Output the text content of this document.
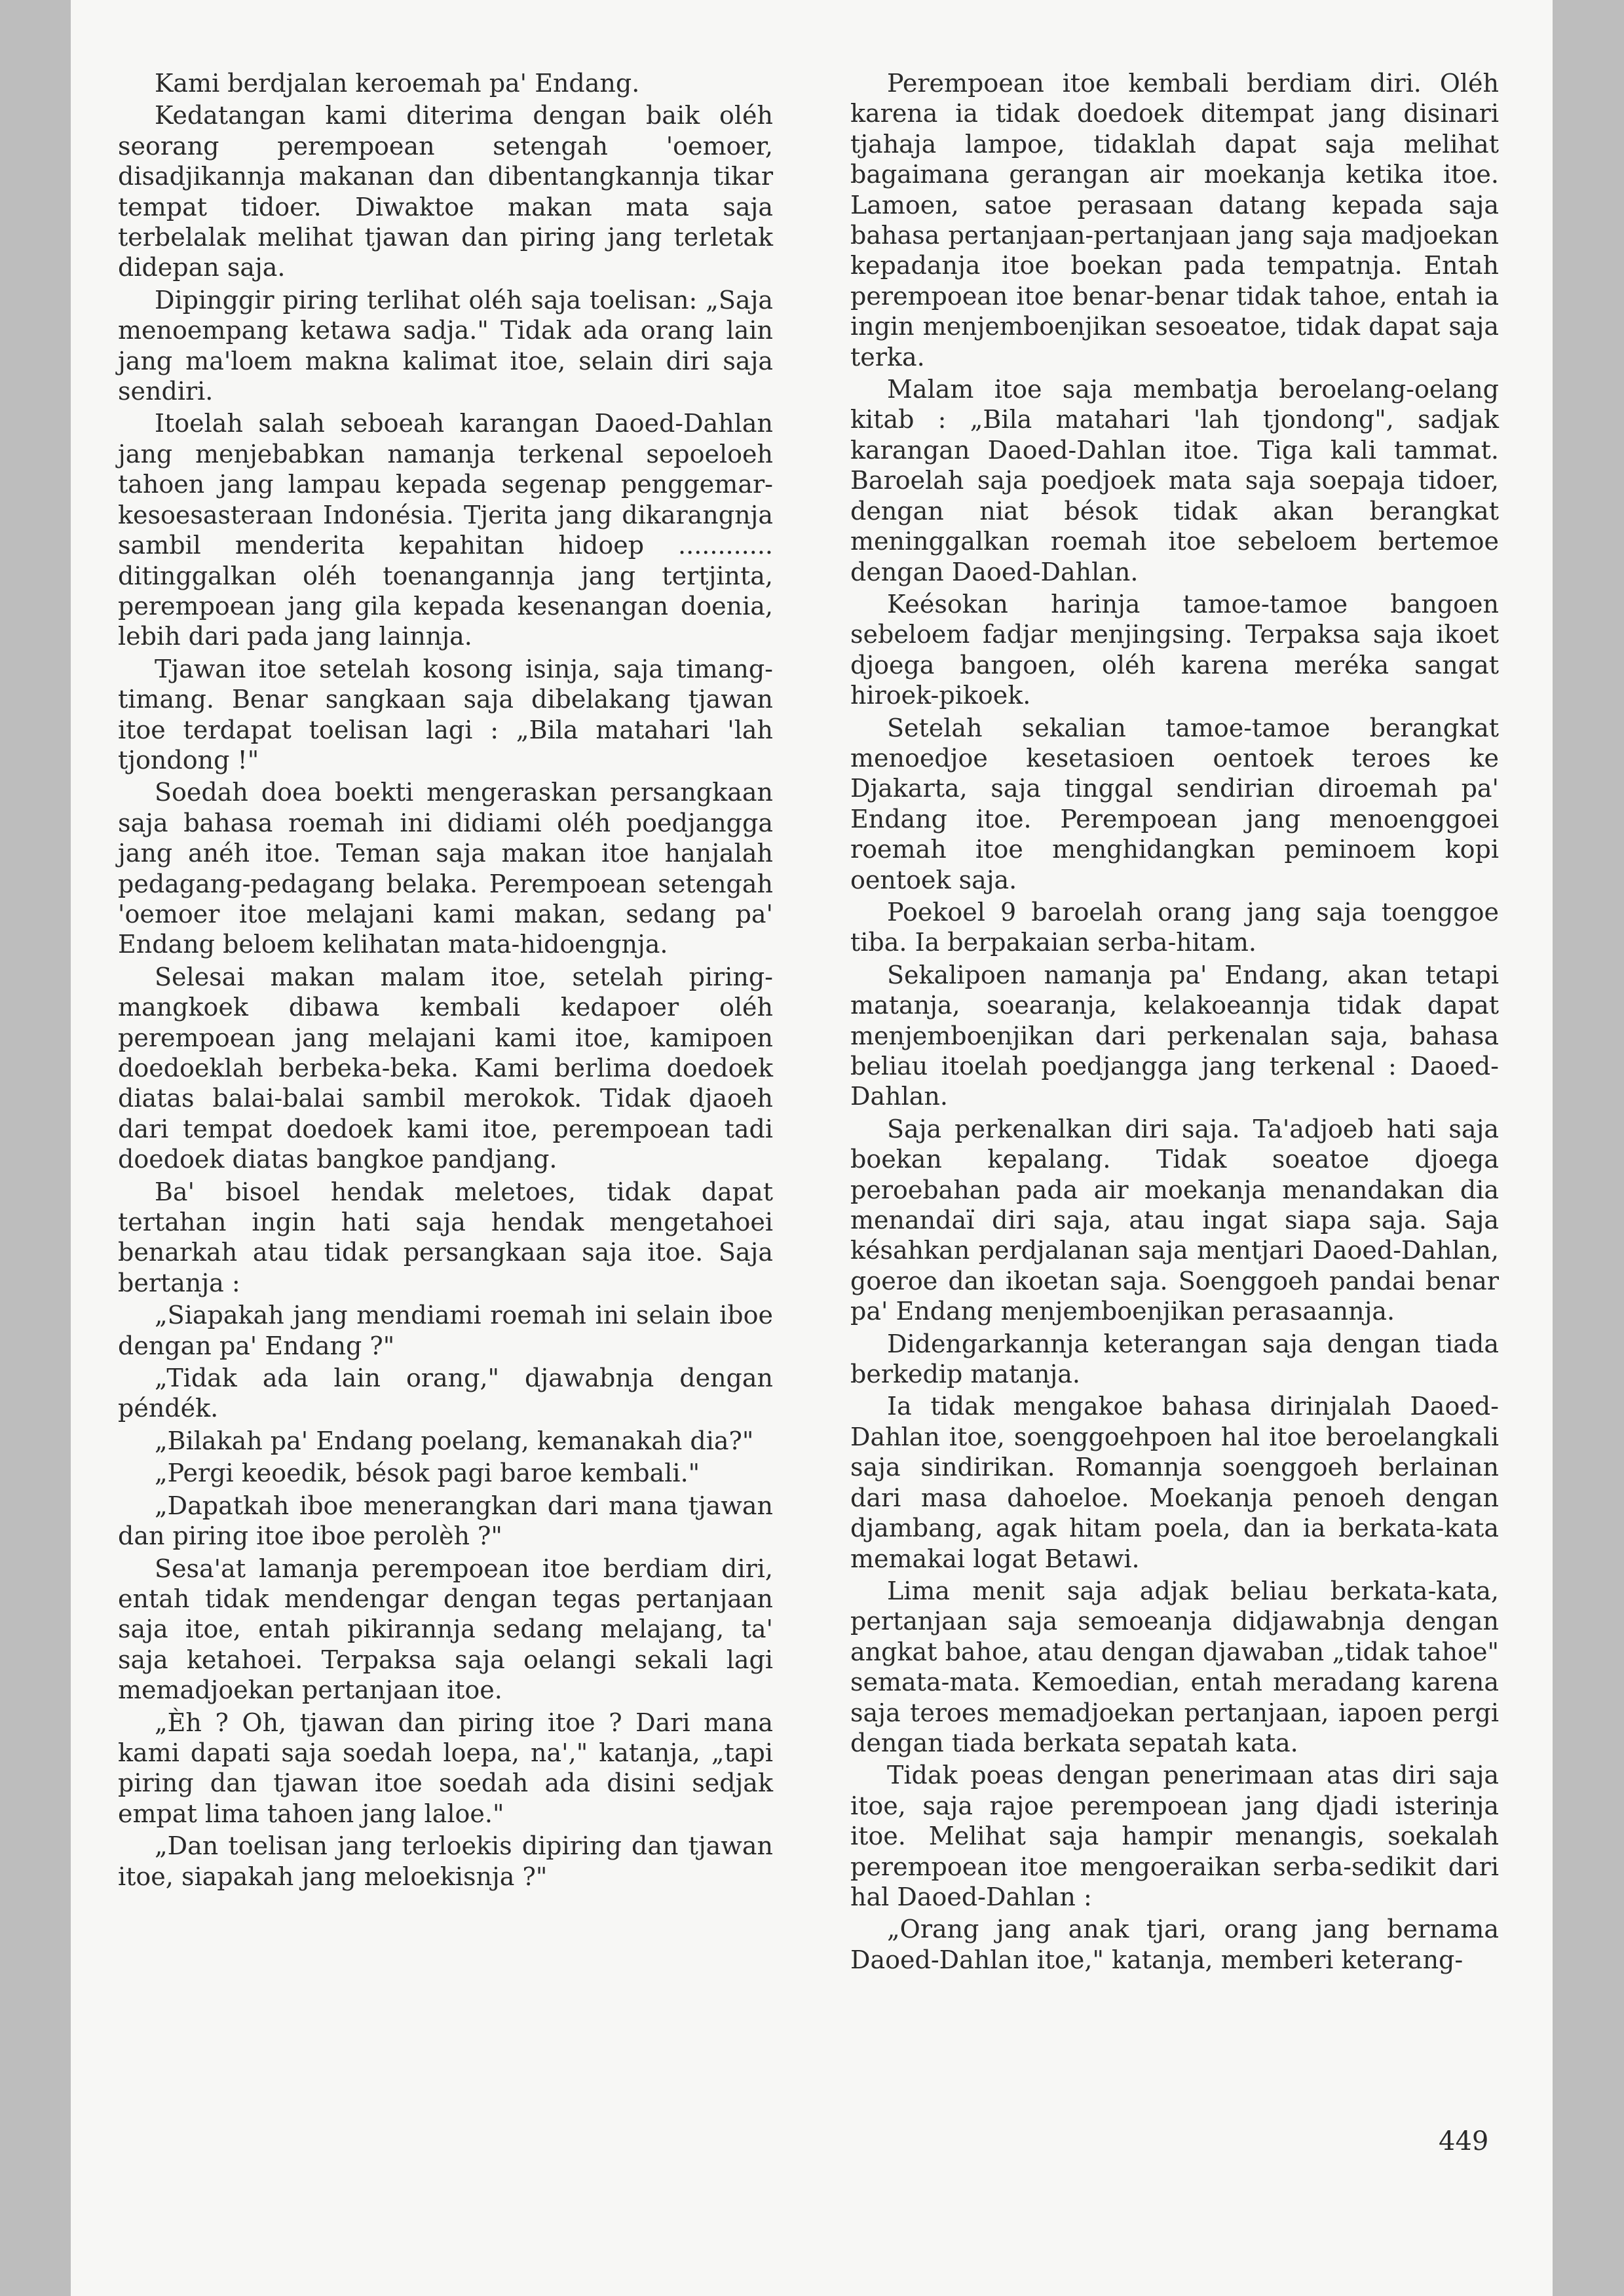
Kami berdjalan keroemah pa' Endang.

Kedatangan kami diterima dengan baik oléh seorang perempoean setengah 'oemoer, disadjikannja makanan dan dibentangkannja tikar tempat tidoer. Diwaktoe makan mata saja terbelalak melihat tjawan dan piring jang terletak didepan saja.

Dipinggir piring terlihat oléh saja toelisan: „Saja menoempang ketawa sadja." Tidak ada orang lain jang ma'loem makna kalimat itoe, selain diri saja sendiri.

Itoelah salah seboeah karangan Daoed-Dahlan jang menjebabkan namanja terkenal sepoeloeh tahoen jang lampau kepada segenap penggemar-kesoesasteraan Indonésia. Tjerita jang dikarangnja sambil menderita kepahitan hidoep ............ ditinggalkan oléh toenangannja jang tertjinta, perempoean jang gila kepada kesenangan doenia, lebih dari pada jang lainnja.

Tjawan itoe setelah kosong isinja, saja timang-timang. Benar sangkaan saja dibelakang tjawan itoe terdapat toelisan lagi : „Bila matahari 'lah tjondong !"

Soedah doea boekti mengeraskan persangkaan saja bahasa roemah ini didiami oléh poedjangga jang anéh itoe. Teman saja makan itoe hanjalah pedagang-pedagang belaka. Perempoean setengah 'oemoer itoe melajani kami makan, sedang pa' Endang beloem kelihatan mata-hidoengnja.

Selesai makan malam itoe, setelah piring-mangkoek dibawa kembali kedapoer oléh perempoean jang melajani kami itoe, kamipoen doedoeklah berbeka-beka. Kami berlima doedoek diatas balai-balai sambil merokok. Tidak djaoeh dari tempat doedoek kami itoe, perempoean tadi doedoek diatas bangkoe pandjang.

Ba' bisoel hendak meletoes, tidak dapat tertahan ingin hati saja hendak mengetahoei benarkah atau tidak persangkaan saja itoe. Saja bertanja :

„Siapakah jang mendiami roemah ini selain iboe dengan pa' Endang ?"

„Tidak ada lain orang," djawabnja dengan péndék.

„Bilakah pa' Endang poelang, kemanakah dia?"

„Pergi keoedik, bésok pagi baroe kembali."

„Dapatkah iboe menerangkan dari mana tjawan dan piring itoe iboe perolèh ?"

Sesa'at lamanja perempoean itoe berdiam diri, entah tidak mendengar dengan tegas pertanjaan saja itoe, entah pikirannja sedang melajang, ta' saja ketahoei. Terpaksa saja oelangi sekali lagi memadjoekan pertanjaan itoe.

„Èh ? Oh, tjawan dan piring itoe ? Dari mana kami dapati saja soedah loepa, na'," katanja, „tapi piring dan tjawan itoe soedah ada disini sedjak empat lima tahoen jang laloe."

„Dan toelisan jang terloekis dipiring dan tjawan itoe, siapakah jang meloekisnja ?"

Perempoean itoe kembali berdiam diri. Oléh karena ia tidak doedoek ditempat jang disinari tjahaja lampoe, tidaklah dapat saja melihat bagaimana gerangan air moekanja ketika itoe. Lamoen, satoe perasaan datang kepada saja bahasa pertanjaan-pertanjaan jang saja madjoekan kepadanja itoe boekan pada tempatnja. Entah perempoean itoe benar-benar tidak tahoe, entah ia ingin menjemboenjikan sesoeatoe, tidak dapat saja terka.

Malam itoe saja membatja beroelang-oelang kitab : „Bila matahari 'lah tjondong", sadjak karangan Daoed-Dahlan itoe. Tiga kali tammat. Baroelah saja poedjoek mata saja soepaja tidoer, dengan niat bésok tidak akan berangkat meninggalkan roemah itoe sebeloem bertemoe dengan Daoed-Dahlan.

Keésokan harinja tamoe-tamoe bangoen sebeloem fadjar menjingsing. Terpaksa saja ikoet djoega bangoen, oléh karena meréka sangat hiroek-pikoek.

Setelah sekalian tamoe-tamoe berangkat menoedjoe kesetasioen oentoek teroes ke Djakarta, saja tinggal sendirian diroemah pa' Endang itoe. Perempoean jang menoenggoei roemah itoe menghidangkan peminoem kopi oentoek saja.

Poekoel 9 baroelah orang jang saja toenggoe tiba. Ia berpakaian serba-hitam.

Sekalipoen namanja pa' Endang, akan tetapi matanja, soearanja, kelakoeannja tidak dapat menjemboenjikan dari perkenalan saja, bahasa beliau itoelah poedjangga jang terkenal : Daoed-Dahlan.

Saja perkenalkan diri saja. Ta'adjoeb hati saja boekan kepalang. Tidak soeatoe djoega peroebahan pada air moekanja menandakan dia menandaï diri saja, atau ingat siapa saja. Saja késahkan perdjalanan saja mentjari Daoed-Dahlan, goeroe dan ikoetan saja. Soenggoeh pandai benar pa' Endang menjemboenjikan perasaannja.

Didengarkannja keterangan saja dengan tiada berkedip matanja.

Ia tidak mengakoe bahasa dirinjalah Daoed-Dahlan itoe, soenggoehpoen hal itoe beroelangkali saja sindirikan. Romannja soenggoeh berlainan dari masa dahoeloe. Moekanja penoeh dengan djambang, agak hitam poela, dan ia berkata-kata memakai logat Betawi.

Lima menit saja adjak beliau berkata-kata, pertanjaan saja semoeanja didjawabnja dengan angkat bahoe, atau dengan djawaban „tidak tahoe" semata-mata. Kemoedian, entah meradang karena saja teroes memadjoekan pertanjaan, iapoen pergi dengan tiada berkata sepatah kata.

Tidak poeas dengan penerimaan atas diri saja itoe, saja rajoe perempoean jang djadi isterinja itoe. Melihat saja hampir menangis, soekalah perempoean itoe mengoeraikan serba-sedikit dari hal Daoed-Dahlan :

„Orang jang anak tjari, orang jang bernama Daoed-Dahlan itoe," katanja, memberi keterang-

449
